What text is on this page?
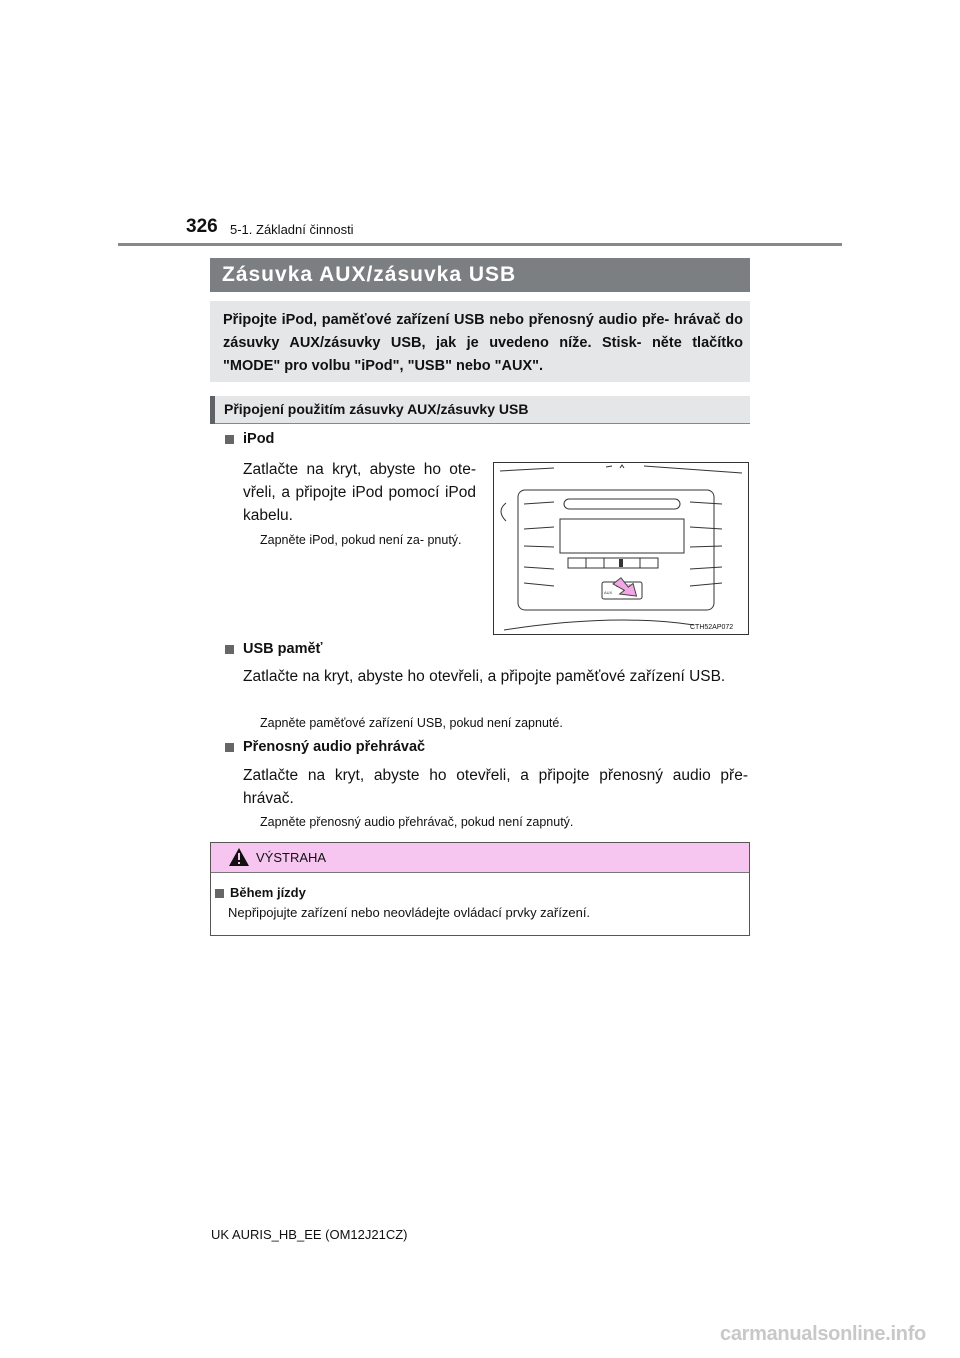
326 5-1. Základní činnosti
Zásuvka AUX/zásuvka USB
Připojte iPod, paměťové zařízení USB nebo přenosný audio pře- hrávač do zásuvky AUX/zásuvky USB, jak je uvedeno níže. Stisk- něte tlačítko "MODE" pro volbu "iPod", "USB" nebo "AUX".
Připojení použitím zásuvky AUX/zásuvky USB
iPod
Zatlačte na kryt, abyste ho ote- vřeli, a připojte iPod pomocí iPod kabelu.
Zapněte iPod, pokud není za- pnutý.
AUX
CTH52AP072
USB paměť
Zatlačte na kryt, abyste ho otevřeli, a připojte paměťové zařízení USB.
Zapněte paměťové zařízení USB, pokud není zapnuté.
Přenosný audio přehrávač
Zatlačte na kryt, abyste ho otevřeli, a připojte přenosný audio pře- hrávač.
Zapněte přenosný audio přehrávač, pokud není zapnutý.
VÝSTRAHA
Během jízdy
Nepřipojujte zařízení nebo neovládejte ovládací prvky zařízení.
UK AURIS_HB_EE (OM12J21CZ)
carmanualsonline.info
